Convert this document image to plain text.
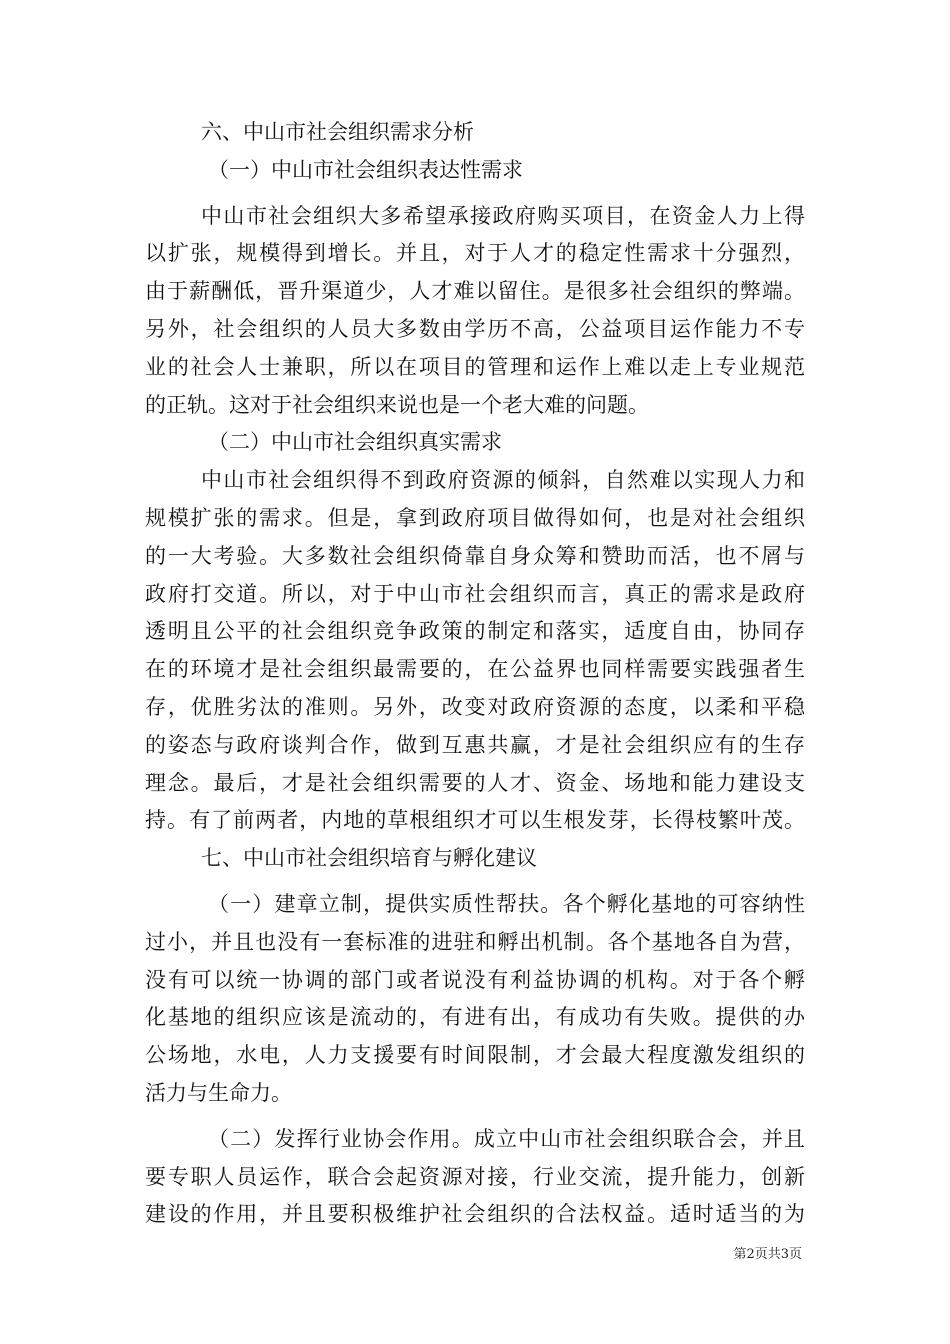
六、中山市社会组织需求分析
（一）中山市社会组织表达性需求
中山市社会组织大多希望承接政府购买项目，在资金人力上得
以扩张，规模得到增长。并且，对于人才的稳定性需求十分强烈，
由于薪酬低，晋升渠道少，人才难以留住。是很多社会组织的弊端。
另外，社会组织的人员大多数由学历不高，公益项目运作能力不专
业的社会人士兼职，所以在项目的管理和运作上难以走上专业规范
的正轨。这对于社会组织来说也是一个老大难的问题。
（二）中山市社会组织真实需求
中山市社会组织得不到政府资源的倾斜，自然难以实现人力和
规模扩张的需求。但是，拿到政府项目做得如何，也是对社会组织
的一大考验。大多数社会组织倚靠自身众筹和赞助而活，也不屑与
政府打交道。所以，对于中山市社会组织而言，真正的需求是政府
透明且公平的社会组织竞争政策的制定和落实，适度自由，协同存
在的环境才是社会组织最需要的，在公益界也同样需要实践强者生
存，优胜劣汰的准则。另外，改变对政府资源的态度，以柔和平稳
的姿态与政府谈判合作，做到互惠共赢，才是社会组织应有的生存
理念。最后，才是社会组织需要的人才、资金、场地和能力建设支
持。有了前两者，内地的草根组织才可以生根发芽，长得枝繁叶茂。
七、中山市社会组织培育与孵化建议
（一）建章立制，提供实质性帮扶。各个孵化基地的可容纳性
过小，并且也没有一套标准的进驻和孵出机制。各个基地各自为营，
没有可以统一协调的部门或者说没有利益协调的机构。对于各个孵
化基地的组织应该是流动的，有进有出，有成功有失败。提供的办
公场地，水电，人力支援要有时间限制，才会最大程度激发组织的
活力与生命力。
（二）发挥行业协会作用。成立中山市社会组织联合会，并且
要专职人员运作，联合会起资源对接，行业交流，提升能力，创新
建设的作用，并且要积极维护社会组织的合法权益。适时适当的为
第2页共3页
